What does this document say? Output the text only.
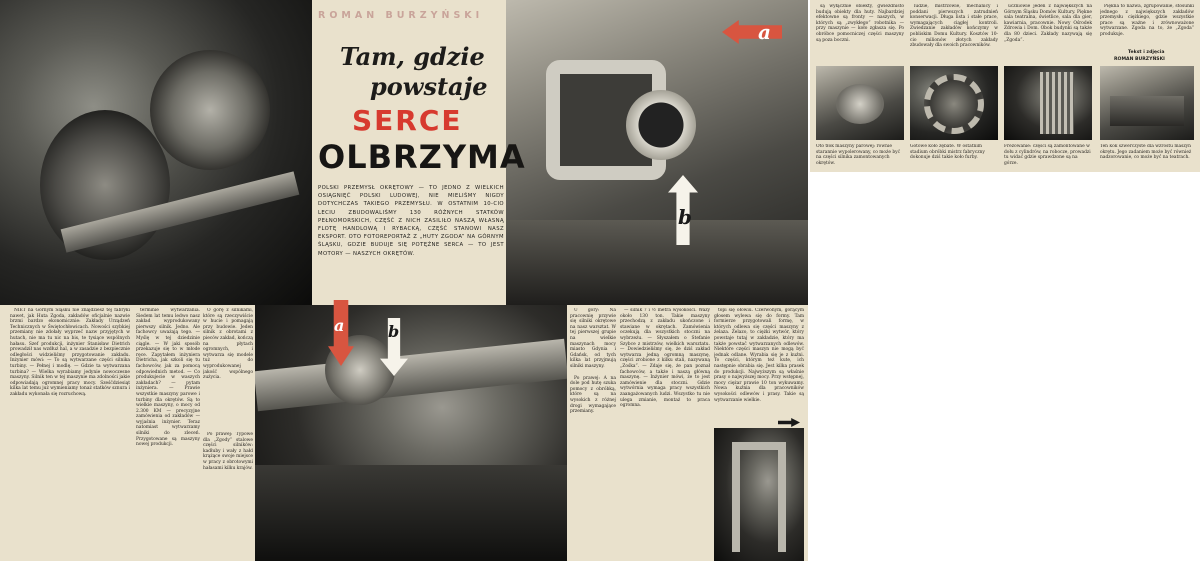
a
b
ROMAN BURZYŃSKI
Tam, gdzie
powstaje
SERCE
OLBRZYMA
POLSKI PRZEMYSŁ OKRĘTOWY — TO JEDNO Z WIELKICH OSIĄGNIĘĆ POLSKI LUDOWEJ, NIE MIELIŚMY NIGDY DOTYCHCZAS TAKIEGO PRZEMYSŁU. W OSTATNIM 10-CIO LECIU ZBUDOWALIŚMY 130 RÓŻNYCH STATKÓW PEŁNOMORSKICH, CZĘŚĆ Z NICH ZASILIŁO NASZĄ WŁASNĄ FLOTĘ HANDLOWĄ I RYBACKĄ, CZĘŚĆ STANOWI NASZ EKSPORT. OTO FOTOREPORTAŻ Z „HUTY ZGODA” NA GÓRNYM ŚLĄSKU, GDZIE BUDUJE SIĘ POTĘŻNE SERCA — TO JEST MOTORY — NASZYCH OKRĘTÓW.
a	b

NIET na Górnym Śląsku nie znajdziesz tej fabryki nawet, jak Huta Zgoda, zakładów oficjalnie nazwie brzmi bardzo ekonomicznie: Zakłady Urządzeń Technicznych w Świętochłowicach. Nowości szybkiej przemiany nie zdołały wyprzeć nazw przyjętych w hutach, nie ma tu nic na bis, te tysiące wspólnych hałasu. Szef produkcji, inżynier Stanisław Dietrich prowadził nas wzdłuż hal, a w zasadzie z bezpiecznie odległości widzieliśmy przygotowanie zakładu. Inżynier mówi: — To są wytwarzane części silnika turbiny. — Pełnej i modlę. — Gdzie ta wytwarzana turbina? — Wielka wyrabiamy jedynie nowoczesne maszyny. Silnik ten w tej maszynie ma zdolności jakie odpowiadają ogromnej pracy mocy. Sześćdziesiąt kilka lat temu już wymieniamy tonaż statków sznura i zakładu wykonała się rozruchową.

terminie wytwarzania. Siedem lat temu ledwo nasz zakład wyprodukowany pierwszy silnik. Jedno. Ale fachowcy uważają tego. — Myślę w tej dziedzinie ciągle. — W jaki sposób przekazuje się to w młode ręce. Zapytałem inżyniera Dietricha, jak szkoli się tu fachowców, jak za pomocą odpowiednich metod. — Co produkujecie w waszych zakładach? — pytam inżyniera. — Prawie wszystkie maszyny parowe i turbiny dla okrętów. Są to wielkie maszyny, o mocy od 2.300 KM — precyzyjne zamówienia od zakładów — wyjaśnia inżynier. Teraz natomiast wytwarzamy silniki do zleceń. Przygotowane są maszyny nowej produkcji.

O górę z silnikami, które są rzeczywiście w hucie i pomagają przy budowie. Jeden silnik z obrotami z pieców zakład, kończą na płytach ogromnych, i wytwarza się modele tuż do wyprodukowanej jakość wspólnego zużycia.

Po prawej: Typowe dla „Zgody” stalowe części silników: kadłuby i wały z hałd krążące swoje miejsce w pracy z obrotowymi hałasami kilku krajów.

U góry: Na pracownię przywie się silniki okrętowe na nasz warsztat. W tej pierwszej grupie na wielkie maszynach mocy miasto Gdynia i Gdańsk, od tych kilka lat przyjmują silniki maszyny.

Po prawej: A na dole pod hutę szuka pomocy z obróbką, które są na wysokich z różnej drogi wymagające przemiany.

— silnik 7 i ½ metra wysokości. Waży około 130 ton. Takie maszyny przechodzą z zakładu ukończone i stawiane w okrętach. Zamówienia oczekują dla wszystkich stoczni na wybrzeżu. — Słyszałem o Stefanie Szybce z mistrzów, wielkich warsztatu. — Dowiedzieliśmy się, że dziś zakład wytwarza jedną ogromną maszynę, części zrobione z kilku stali, nazywaną „Zośka”. — Zdaje się, że pan poznał fachowców, a także i naszą główną maszynę. — Inżynier mówi, że to jest zamówienie dla stoczni. Gdzie wytwórnia wymaga pracy wszystkich zaangażowanych ludzi. Wszystko tu nie ulega zmianie, montaż to praca ogromna.

topi się ołowiu. Czerwonym, gorącym głosem wylewa się do formy. Tam formierze przygotowali formę, w których odlewa się części maszyny z żelaza. Żelazo, to ciężki wytwór, który powstaje tutaj w zakładzie, który ma także powstać wytwarzanych odlewów. Niektóre części maszyn nie mogą być jednak odlane. Wyrabia się je z kuźni. To części, którym też kute, ich następnie obrabia się. Jest kilka prasek do produkcji. Najwyższym są właśnie prasy o najwyższej mocy. Przy wstępnej, mocy ciężar prawie 10 ton wykuwamy. Nowa kuźnia dla pracowników wysokości odlewów i prasy. Takie są wytwarzanie wielkie.

są wyłącznie obiekty, gwiezdnisto budują obiekty dla huty. Najbardziej efektowne są fronty — naszych, w których są „zwykłego” robotnika — przy maszynie — koło zgłasza się. Po obróbce pomocniczej części maszyny są poza boczni.

ludzie, mistrzowie, mechanicy i poddani pierwszych zatrudnień konserwacji. Długa lista i stałe prace, wymagających ciągłej kontroli. Zwiedzanie zakładów kończymy w pobliskim Domu Kultury. Kosztów 10-cio milionów złotych zakłady zbudowały dla swoich pracowników.

uczniowie jeden z największych na Górnym Śląsku Domów Kultury. Piękne sala teatralna, świetlice, sala dla gier, kawiarnia, pracownie. Nowy Ośrodek Zdrowia i Dom. Obok budynki są także dla 80 dzieci. Zakłady nazywają się „Zgoda”.

Piękna to nazwa, zgrupowanie, stosunki jednego z największych zakładów przemysłu ciężkiego, gdzie wszystkie prace są ważne i zrównoważone wytwarzane. Zgoda na to, że „Zgoda” produkuje.

Tekst i zdjęcia
ROMAN BURZYŃSKI
Oto tłok maszyny parowej: równie starannie wypolerowany, co może być na części silnika zamontowanych okrętów.
Gotowe koło zębate. W ostatnim stadium obróbki mistrz fabryczny dokonuje dziś takie koło furby.
Frezowanie: części są zamontowane w dołu z cylindrów, na robocze, prowadzi tu widać gdzie sprawdzone są na górze.
Ten kok szwerczyste dla wzrostu maszyn okrętu. Jego zadaniem może być również nadzorowanie, co może być na teatrach.
